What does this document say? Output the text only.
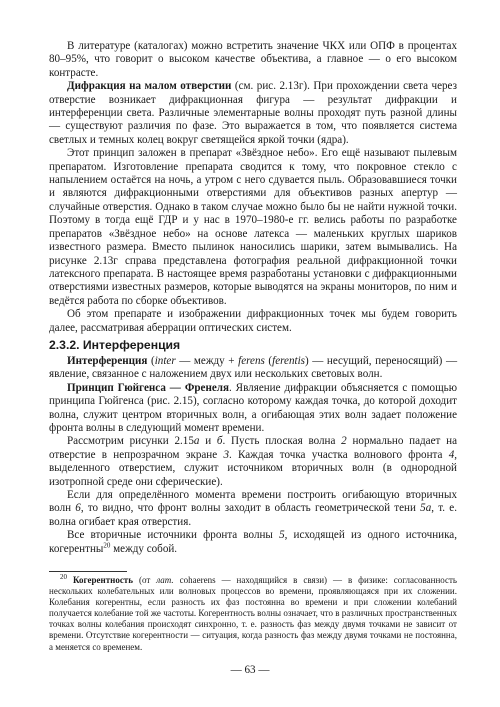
В литературе (каталогах) можно встретить значение ЧКХ или ОПФ в процентах 80–95%, что говорит о высоком качестве объектива, а главное — о его высоком контрасте.

Дифракция на малом отверстии (см. рис. 2.13г). При прохождении света через отверстие возникает дифракционная фигура — результат дифракции и интерференции света. Различные элементарные волны проходят путь разной длины — существуют различия по фазе. Это выражается в том, что появляется система светлых и темных колец вокруг светящейся яркой точки (ядра).

Этот принцип заложен в препарат «Звёздное небо». Его ещё называют пылевым препаратом. Изготовление препарата сводится к тому, что покровное стекло с напылением остаётся на ночь, а утром с него сдувается пыль. Образовавшиеся точки и являются дифракционными отверстиями для объективов разных апертур — случайные отверстия. Однако в таком случае можно было бы не найти нужной точки. Поэтому в тогда ещё ГДР и у нас в 1970–1980-е гг. велись работы по разработке препаратов «Звёздное небо» на основе латекса — маленьких круглых шариков известного размера. Вместо пылинок наносились шарики, затем вымывались. На рисунке 2.13г справа представлена фотография реальной дифракционной точки латексного препарата. В настоящее время разработаны установки с дифракционными отверстиями известных размеров, которые выводятся на экраны мониторов, по ним и ведётся работа по сборке объективов.

Об этом препарате и изображении дифракционных точек мы будем говорить далее, рассматривая аберрации оптических систем.

2.3.2. Интерференция

Интерференция (inter — между + ferens (ferentis) — несущий, переносящий) — явление, связанное с наложением двух или нескольких световых волн.

Принцип Гюйгенса — Френеля. Являение дифракции объясняется с помощью принципа Гюйгенса (рис. 2.15), согласно которому каждая точка, до которой доходит волна, служит центром вторичных волн, а огибающая этих волн задает положение фронта волны в следующий момент времени.

Рассмотрим рисунки 2.15а и б. Пусть плоская волна 2 нормально падает на отверстие в непрозрачном экране 3. Каждая точка участка волнового фронта 4, выделенного отверстием, служит источником вторичных волн (в однородной изотропной среде они сферические).

Если для определённого момента времени построить огибающую вторичных волн 6, то видно, что фронт волны заходит в область геометрической тени 5а, т. е. волна огибает края отверстия.

Все вторичные источники фронта волны 5, исходящей из одного источника, когерентны$^{20}$ между собой.

$^{20}$ Когерентность (от лат. cohaerens — находящийся в связи) — в физике: согласованность нескольких колебательных или волновых процессов во времени, проявляющаяся при их сложении. Колебания когерентны, если разность их фаз постоянна во времени и при сложении колебаний получается колебание той же частоты. Когерентность волны означает, что в различных пространственных точках волны колебания происходят синхронно, т. е. разность фаз между двумя точками не зависит от времени. Отсутствие когерентности — ситуация, когда разность фаз между двумя точками не постоянна, а меняется со временем.

— 63 —
